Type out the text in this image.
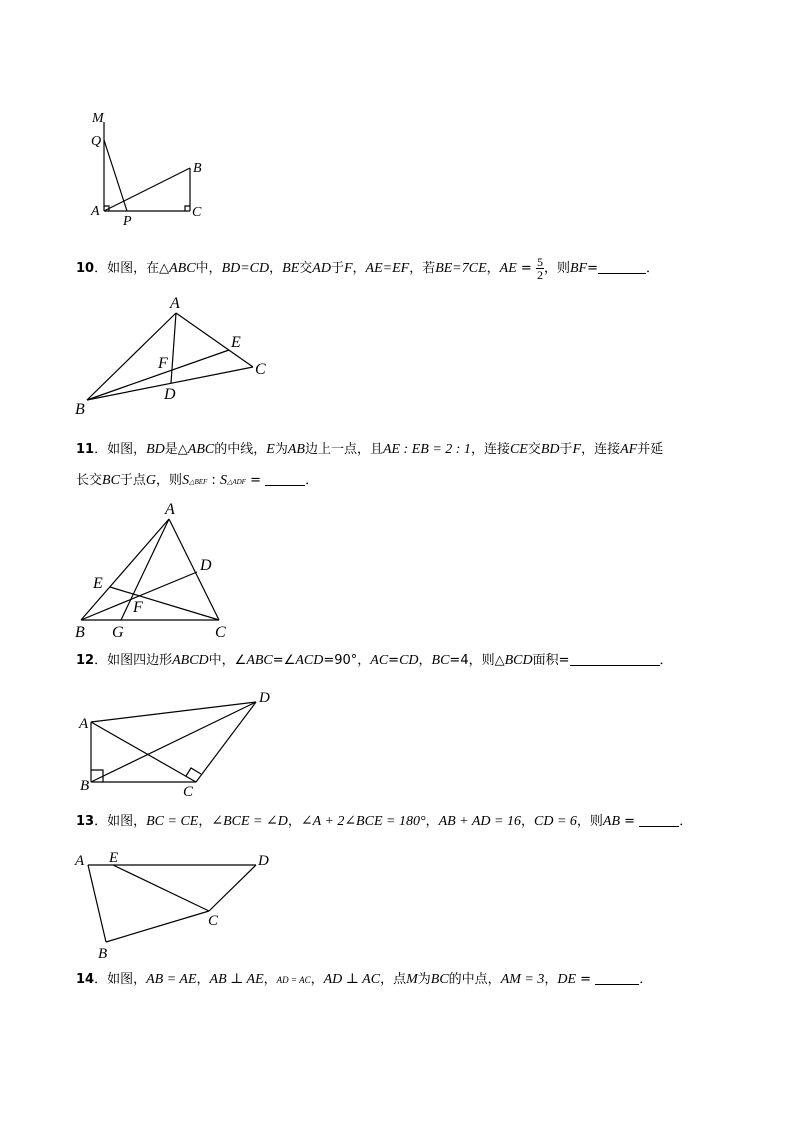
M
Q
B
A
P
C
10．如图，在△ABC中，BD=CD，BE交AD于F，AE=EF，若BE=7CE，AE = $\frac{5}{2}$ ，则BF=	．
A
E
F	C
D
B
11．如图，BD是△ABC的中线，E为AB边上一点，且AE : EB = 2 : 1，连接CE交BD于F，连接AF并延
长交BC于点G，则S△BEF : S△ADF =	．
A
D
E
F
B G	C
12．如图四边形ABCD中，∠ABC=∠ACD=90°，AC=CD，BC=4，则△BCD面积=	．
D
A
B	C
13．如图，BC = CE，∠BCE = ∠D，∠A + 2∠BCE = 180°，AB + AD = 16，CD = 6，则AB =	．
A E	D
C
B
14．如图，AB = AE，AB ⊥ AE，AD = AC，AD ⊥ AC，点M为BC的中点，AM = 3，DE =	．
